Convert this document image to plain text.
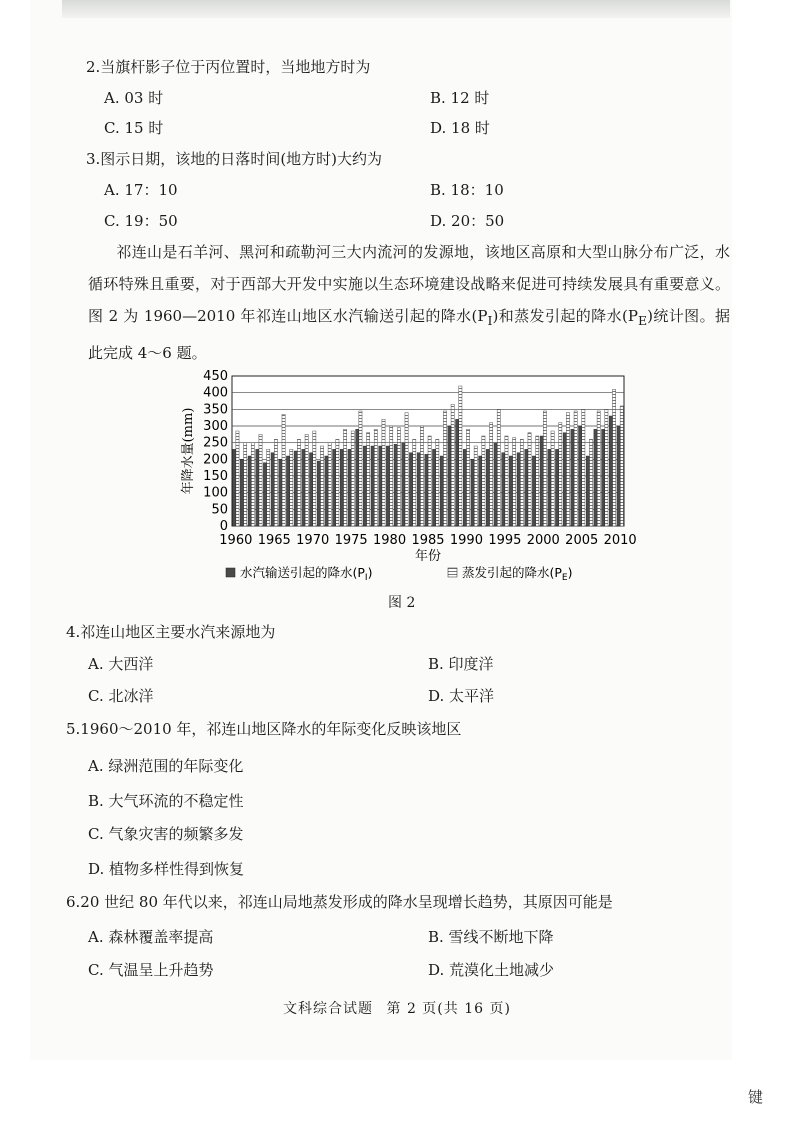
2.当旗杆影子位于丙位置时，当地地方时为
A. 03 时	B. 12 时
C. 15 时	D. 18 时
3.图示日期，该地的日落时间(地方时)大约为
A. 17：10	B. 18：10
C. 19：50	D. 20：50
祁连山是石羊河、黑河和疏勒河三大内流河的发源地，该地区高原和大型山脉分布广泛，水循环特殊且重要，对于西部大开发中实施以生态环境建设战略来促进可持续发展具有重要意义。图 2 为 1960—2010 年祁连山地区水汽输送引起的降水$(P_I)$和蒸发引起的降水$(P_E)$统计图。据此完成 4～6 题。
0
50
100
150
200
250
300
350
400
450
1960 1965 1970 1975 1980 1985 1990 1995 2000 2005 2010
年份
年降水量(mm)
水汽输送引起的降水$(P_I)$	蒸发引起的降水$(P_E)$
图 2
4.祁连山地区主要水汽来源地为
A. 大西洋	B. 印度洋
C. 北冰洋	D. 太平洋
5.1960～2010 年，祁连山地区降水的年际变化反映该地区
A. 绿洲范围的年际变化
B. 大气环流的不稳定性
C. 气象灾害的频繁多发
D. 植物多样性得到恢复
6.20 世纪 80 年代以来，祁连山局地蒸发形成的降水呈现增长趋势，其原因可能是
A. 森林覆盖率提高	B. 雪线不断地下降
C. 气温呈上升趋势	D. 荒漠化土地减少
文科综合试题 第 2 页(共 16 页)
键
